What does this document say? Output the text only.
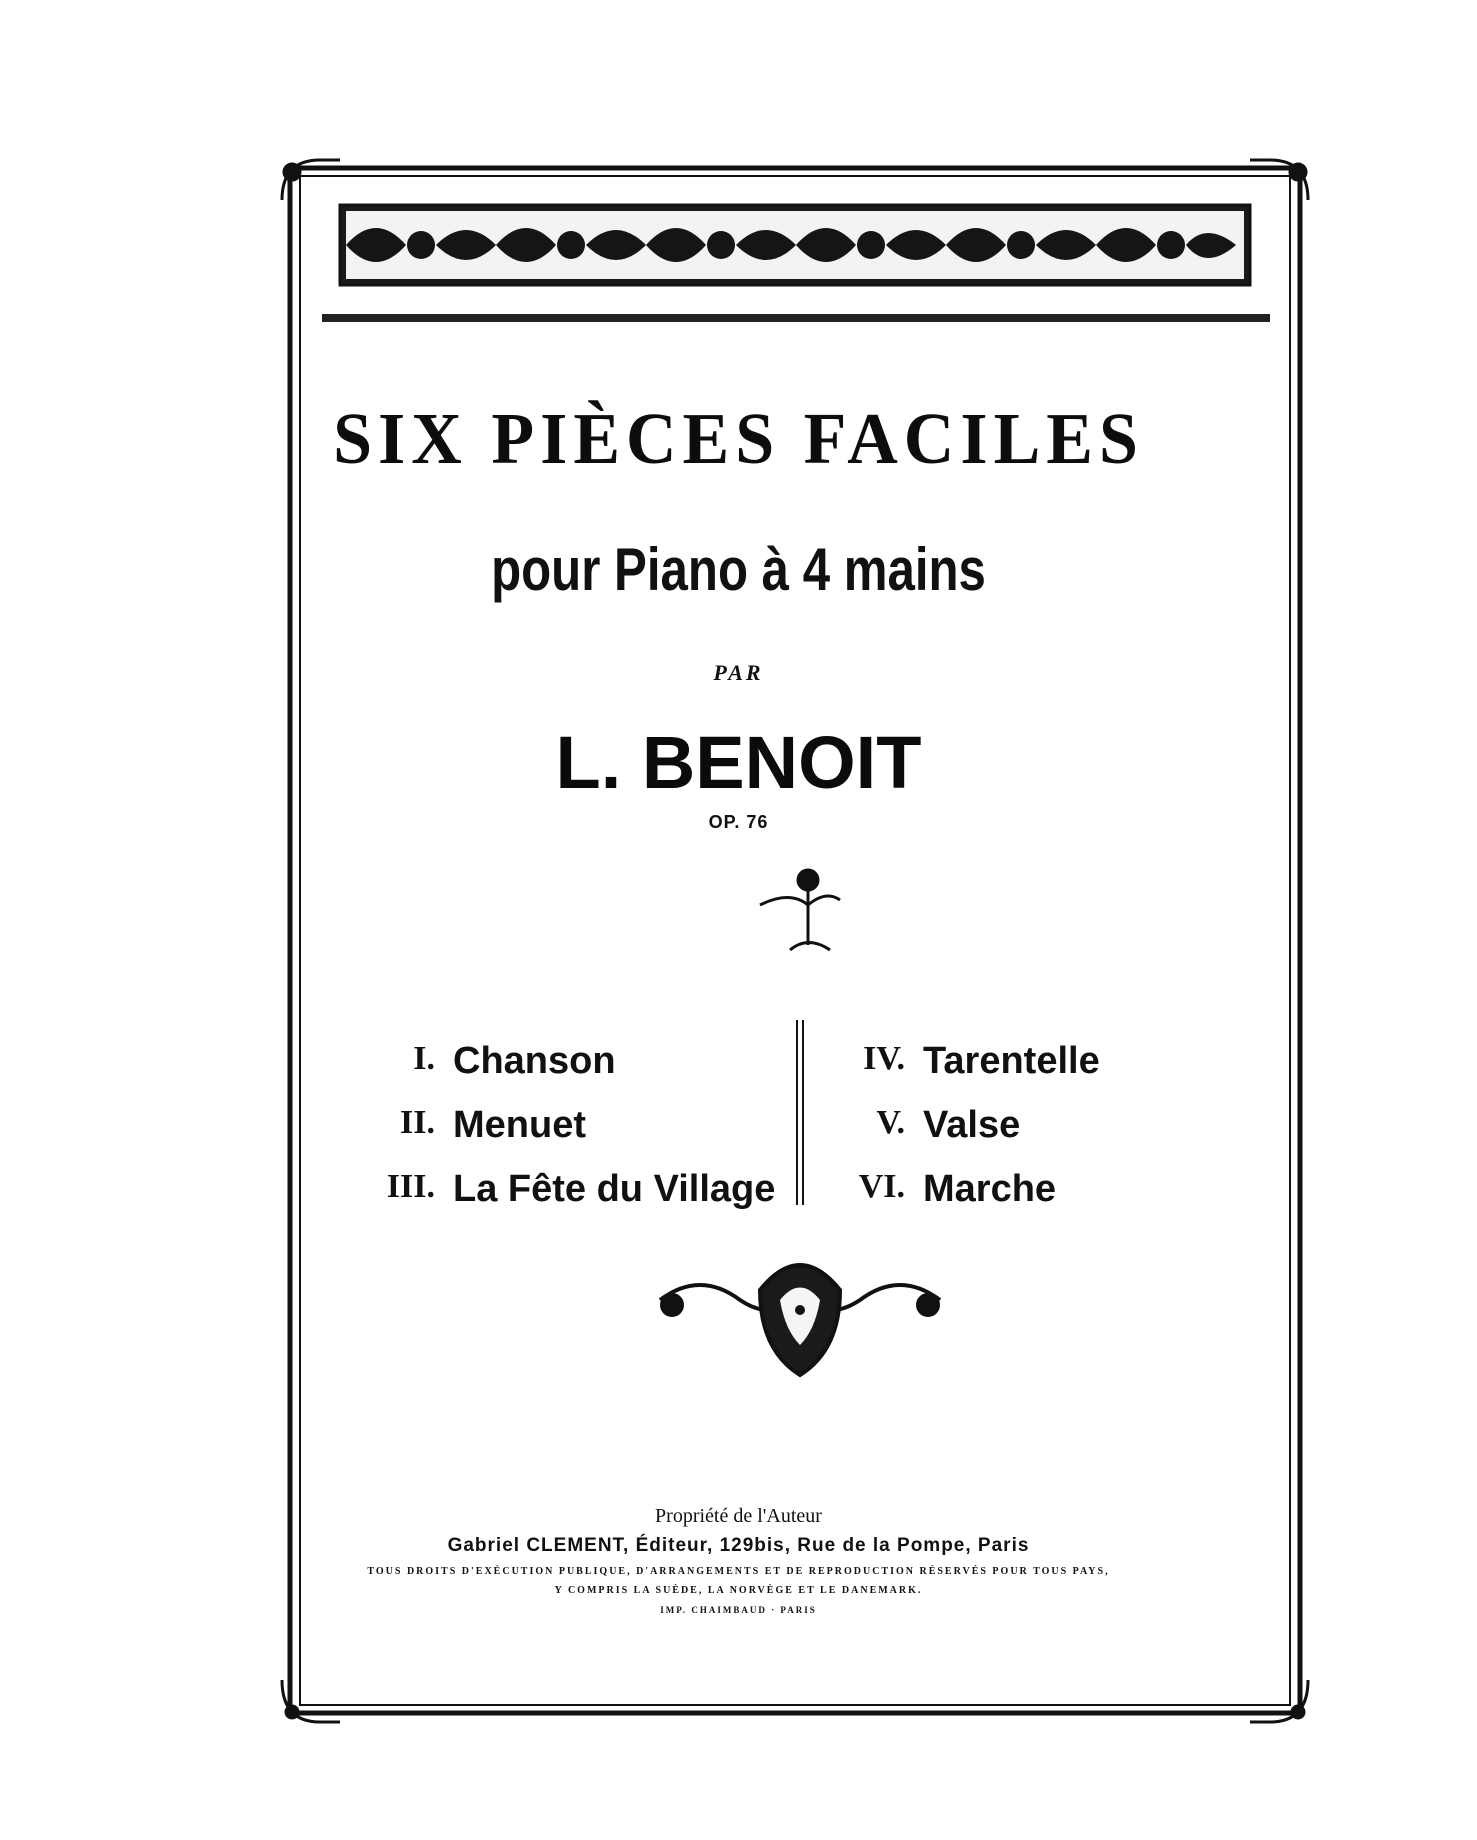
SIX PIÈCES FACILES
pour Piano à 4 mains
PAR
L. BENOIT
OP. 76
I. Chanson
II. Menuet
III. La Fête du Village
IV. Tarentelle
V. Valse
VI. Marche
Propriété de l'Auteur
Gabriel CLEMENT, Éditeur, 129bis, Rue de la Pompe, Paris
TOUS DROITS D'EXÉCUTION PUBLIQUE, D'ARRANGEMENTS ET DE REPRODUCTION RÉSERVÉS POUR TOUS PAYS,
Y COMPRIS LA SUÈDE, LA NORVÈGE ET LE DANEMARK.
IMP. CHAIMBAUD · PARIS
